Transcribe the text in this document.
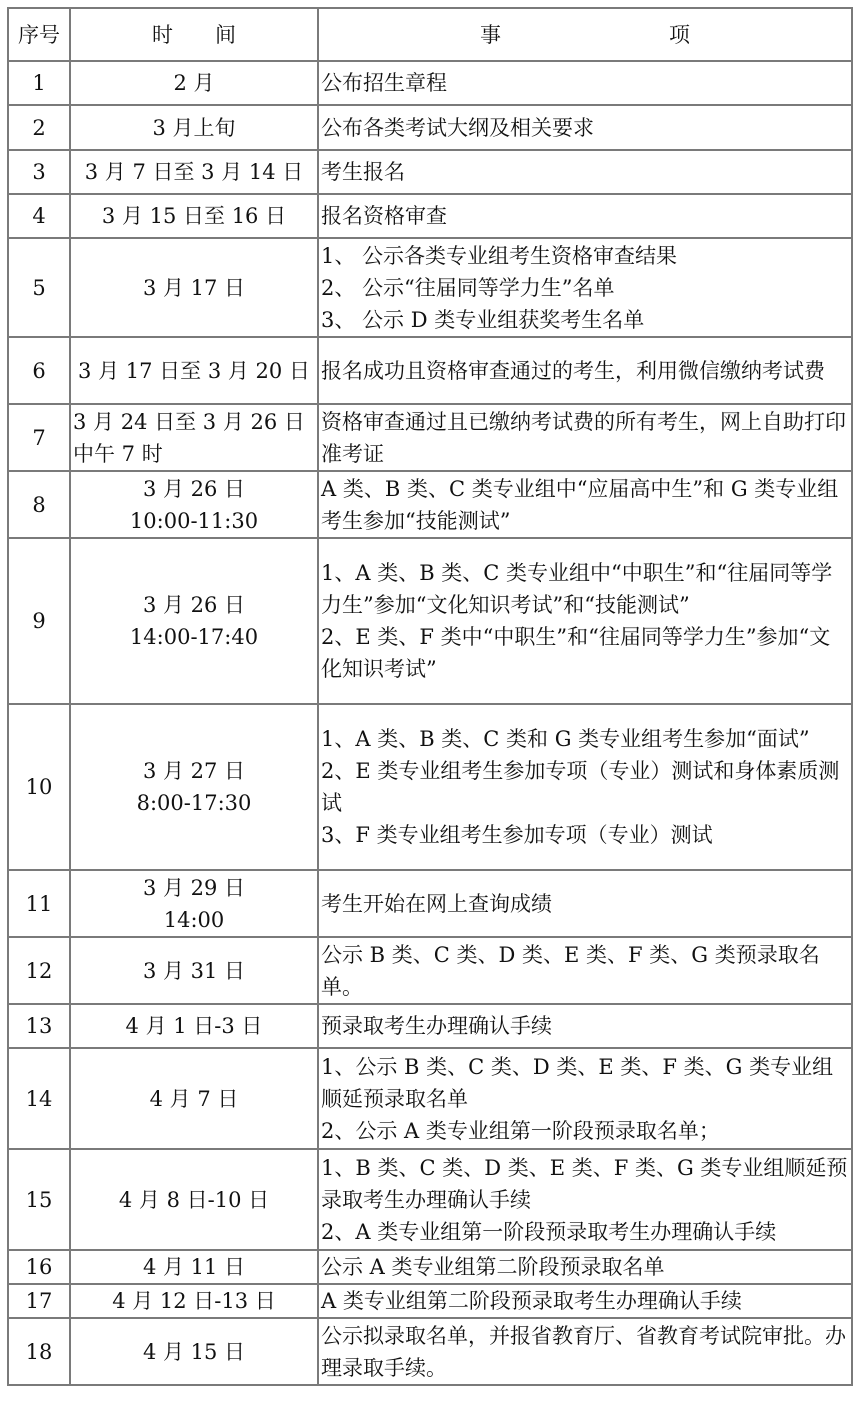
序号	时　　间	事　　　　　　　　项
1	2 月	公布招生章程

2	3 月上旬	公布各类考试大纲及相关要求

3	3 月 7 日至 3 月 14 日	考生报名

4	3 月 15 日至 16 日	报名资格审查

5	3 月 17 日	1、 公示各类专业组考生资格审查结果
2、 公示“往届同等学力生”名单
3、 公示 D 类专业组获奖考生名单

6	3 月 17 日至 3 月 20 日	报名成功且资格审查通过的考生，利用微信缴纳考试费

7	3 月 24 日至 3 月 26 日中午 7 时	资格审查通过且已缴纳考试费的所有考生，网上自助打印准考证

8	3 月 26 日
10:00-11:30	A 类、B 类、C 类专业组中“应届高中生”和 G 类专业组考生参加“技能测试”

9	3 月 26 日
14:00-17:40	1、A 类、B 类、C 类专业组中“中职生”和“往届同等学力生”参加“文化知识考试”和“技能测试”
2、E 类、F 类中“中职生”和“往届同等学力生”参加“文化知识考试”

10	3 月 27 日
8:00-17:30	1、A 类、B 类、C 类和 G 类专业组考生参加“面试”
2、E 类专业组考生参加专项（专业）测试和身体素质测试
3、F 类专业组考生参加专项（专业）测试

11	3 月 29 日
14:00	考生开始在网上查询成绩

12	3 月 31 日	公示 B 类、C 类、D 类、E 类、F 类、G 类预录取名单。

13	4 月 1 日-3 日	预录取考生办理确认手续

14	4 月 7 日	1、公示 B 类、C 类、D 类、E 类、F 类、G 类专业组顺延预录取名单
2、公示 A 类专业组第一阶段预录取名单；

15	4 月 8 日-10 日	1、B 类、C 类、D 类、E 类、F 类、G 类专业组顺延预录取考生办理确认手续
2、A 类专业组第一阶段预录取考生办理确认手续

16	4 月 11 日	公示 A 类专业组第二阶段预录取名单

17	4 月 12 日-13 日	A 类专业组第二阶段预录取考生办理确认手续

18	4 月 15 日	公示拟录取名单，并报省教育厅、省教育考试院审批。办理录取手续。
